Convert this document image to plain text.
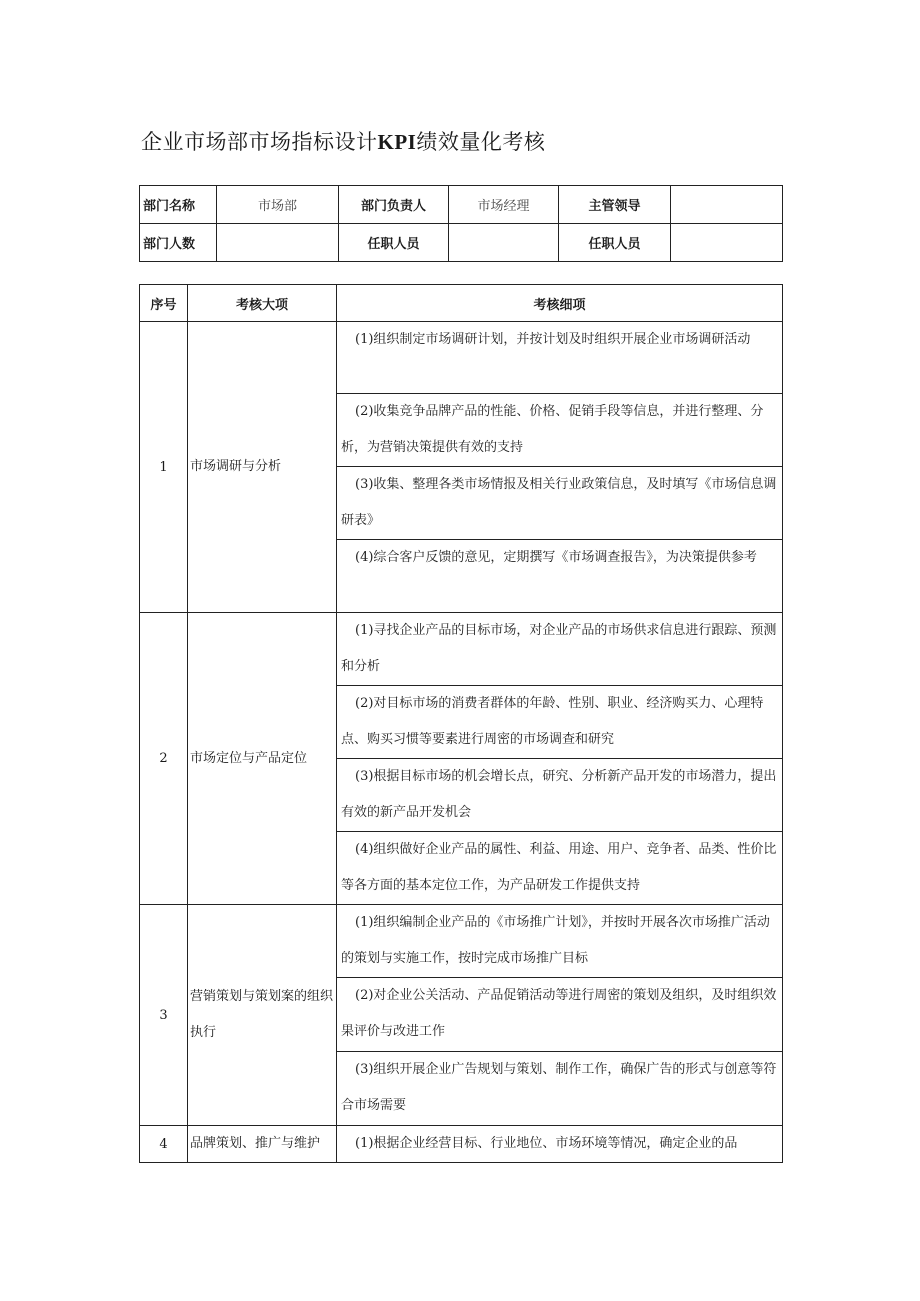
企业市场部市场指标设计KPI绩效量化考核
部门名称	市场部	部门负责人	市场经理	主管领导	
部门人数		任职人员		任职人员	
序号	考核大项	考核细项
1	市场调研与分析	(1)组织制定市场调研计划，并按计划及时组织开展企业市场调研活动
		(2)收集竞争品牌产品的性能、价格、促销手段等信息，并进行整理、分析，为营销决策提供有效的支持
		(3)收集、整理各类市场情报及相关行业政策信息，及时填写《市场信息调研表》
		(4)综合客户反馈的意见，定期撰写《市场调查报告》，为决策提供参考
2	市场定位与产品定位	(1)寻找企业产品的目标市场，对企业产品的市场供求信息进行跟踪、预测和分析
		(2)对目标市场的消费者群体的年龄、性别、职业、经济购买力、心理特点、购买习惯等要素进行周密的市场调查和研究
		(3)根据目标市场的机会增长点，研究、分析新产品开发的市场潜力，提出有效的新产品开发机会
		(4)组织做好企业产品的属性、利益、用途、用户、竞争者、品类、性价比等各方面的基本定位工作，为产品研发工作提供支持
3	营销策划与策划案的组织执行	(1)组织编制企业产品的《市场推广计划》，并按时开展各次市场推广活动的策划与实施工作，按时完成市场推广目标
		(2)对企业公关活动、产品促销活动等进行周密的策划及组织，及时组织效果评价与改进工作
		(3)组织开展企业广告规划与策划、制作工作，确保广告的形式与创意等符合市场需要
4	品牌策划、推广与维护	(1)根据企业经营目标、行业地位、市场环境等情况，确定企业的品
